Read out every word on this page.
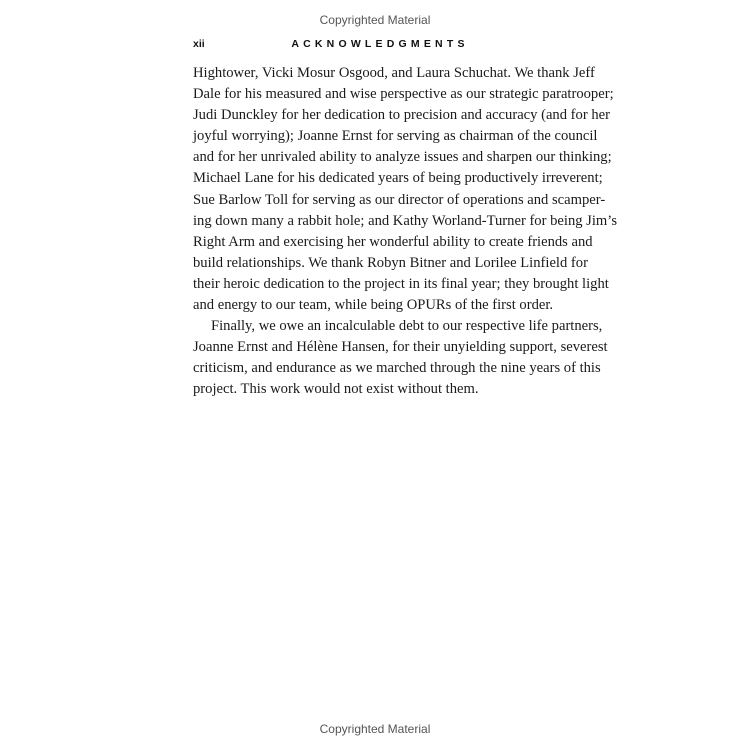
Copyrighted Material
xii	ACKNOWLEDGMENTS
Hightower, Vicki Mosur Osgood, and Laura Schuchat. We thank Jeff
Dale for his measured and wise perspective as our strategic paratrooper;
Judi Dunckley for her dedication to precision and accuracy (and for her
joyful worrying); Joanne Ernst for serving as chairman of the council
and for her unrivaled ability to analyze issues and sharpen our thinking;
Michael Lane for his dedicated years of being productively irreverent;
Sue Barlow Toll for serving as our director of operations and scamper-
ing down many a rabbit hole; and Kathy Worland-Turner for being Jim’s
Right Arm and exercising her wonderful ability to create friends and
build relationships. We thank Robyn Bitner and Lorilee Linfield for
their heroic dedication to the project in its final year; they brought light
and energy to our team, while being OPURs of the first order.
Finally, we owe an incalculable debt to our respective life partners,
Joanne Ernst and Hélène Hansen, for their unyielding support, severest
criticism, and endurance as we marched through the nine years of this
project. This work would not exist without them.
Copyrighted Material
